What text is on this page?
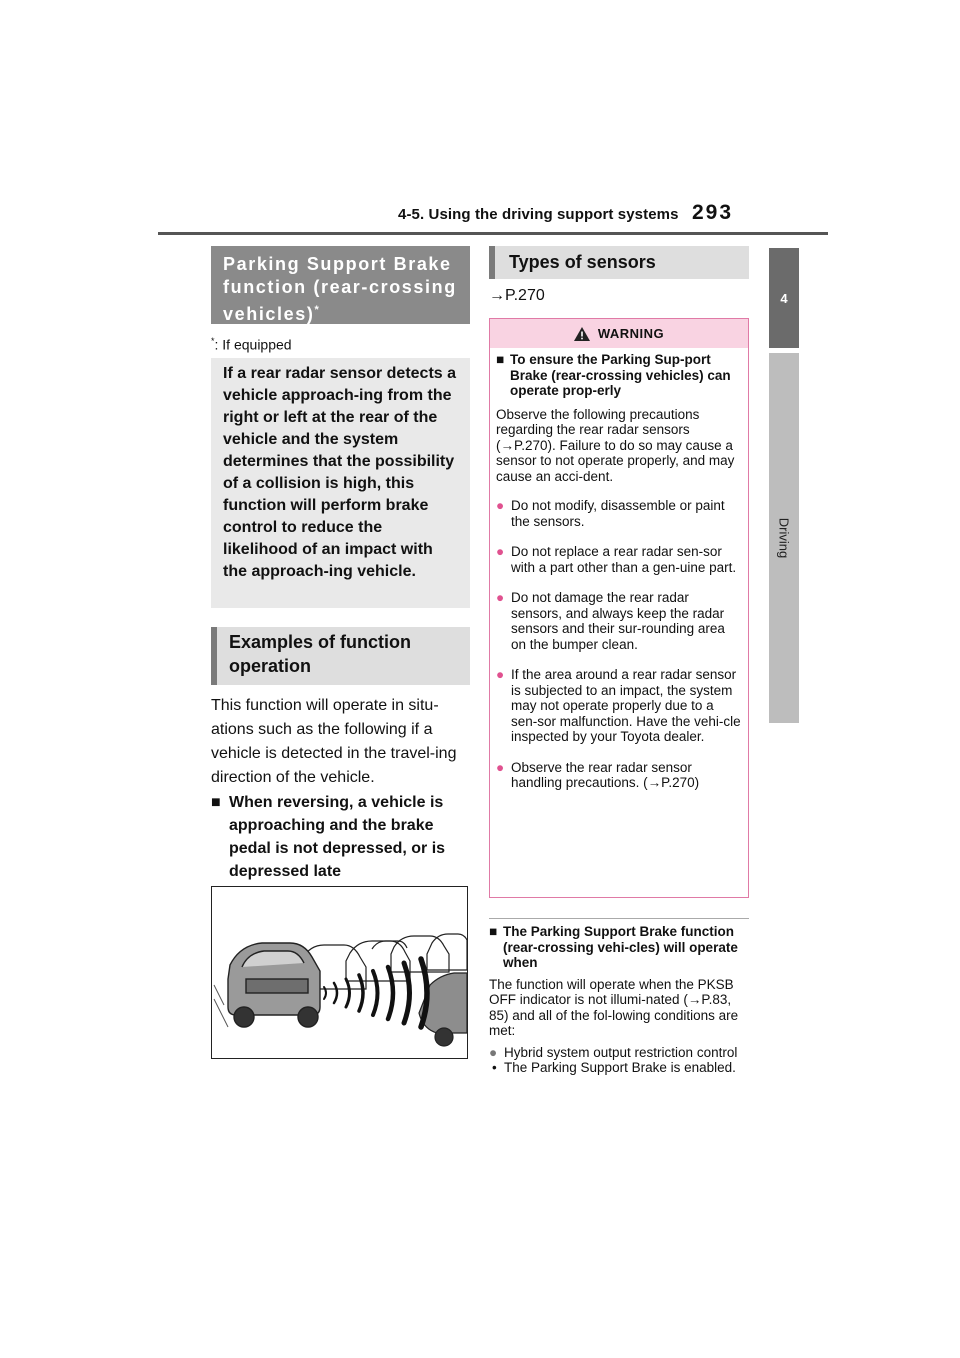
4-5. Using the driving support systems 293
4
Driving
Parking Support Brake function (rear-crossing vehicles)*
*: If equipped
If a rear radar sensor detects a vehicle approach-ing from the right or left at the rear of the vehicle and the system determines that the possibility of a collision is high, this function will perform brake control to reduce the likelihood of an impact with the approach-ing vehicle.
Examples of function operation
This function will operate in situ-ations such as the following if a vehicle is detected in the travel-ing direction of the vehicle.
■ When reversing, a vehicle is approaching and the brake pedal is not depressed, or is depressed late
Types of sensors
→P.270
WARNING
■ To ensure the Parking Sup-port Brake (rear-crossing vehicles) can operate prop-erly
Observe the following precautions regarding the rear radar sensors (→P.270). Failure to do so may cause a sensor to not operate properly, and may cause an acci-dent.
● Do not modify, disassemble or paint the sensors.
● Do not replace a rear radar sen-sor with a part other than a gen-uine part.
● Do not damage the rear radar sensors, and always keep the radar sensors and their sur-rounding area on the bumper clean.
● If the area around a rear radar sensor is subjected to an impact, the system may not operate properly due to a sen-sor malfunction. Have the vehi-cle inspected by your Toyota dealer.
● Observe the rear radar sensor handling precautions. (→P.270)
■ The Parking Support Brake function (rear-crossing vehi-cles) will operate when
The function will operate when the PKSB OFF indicator is not illumi-nated (→P.83, 85) and all of the fol-lowing conditions are met:
● Hybrid system output restriction control
• The Parking Support Brake is enabled.
